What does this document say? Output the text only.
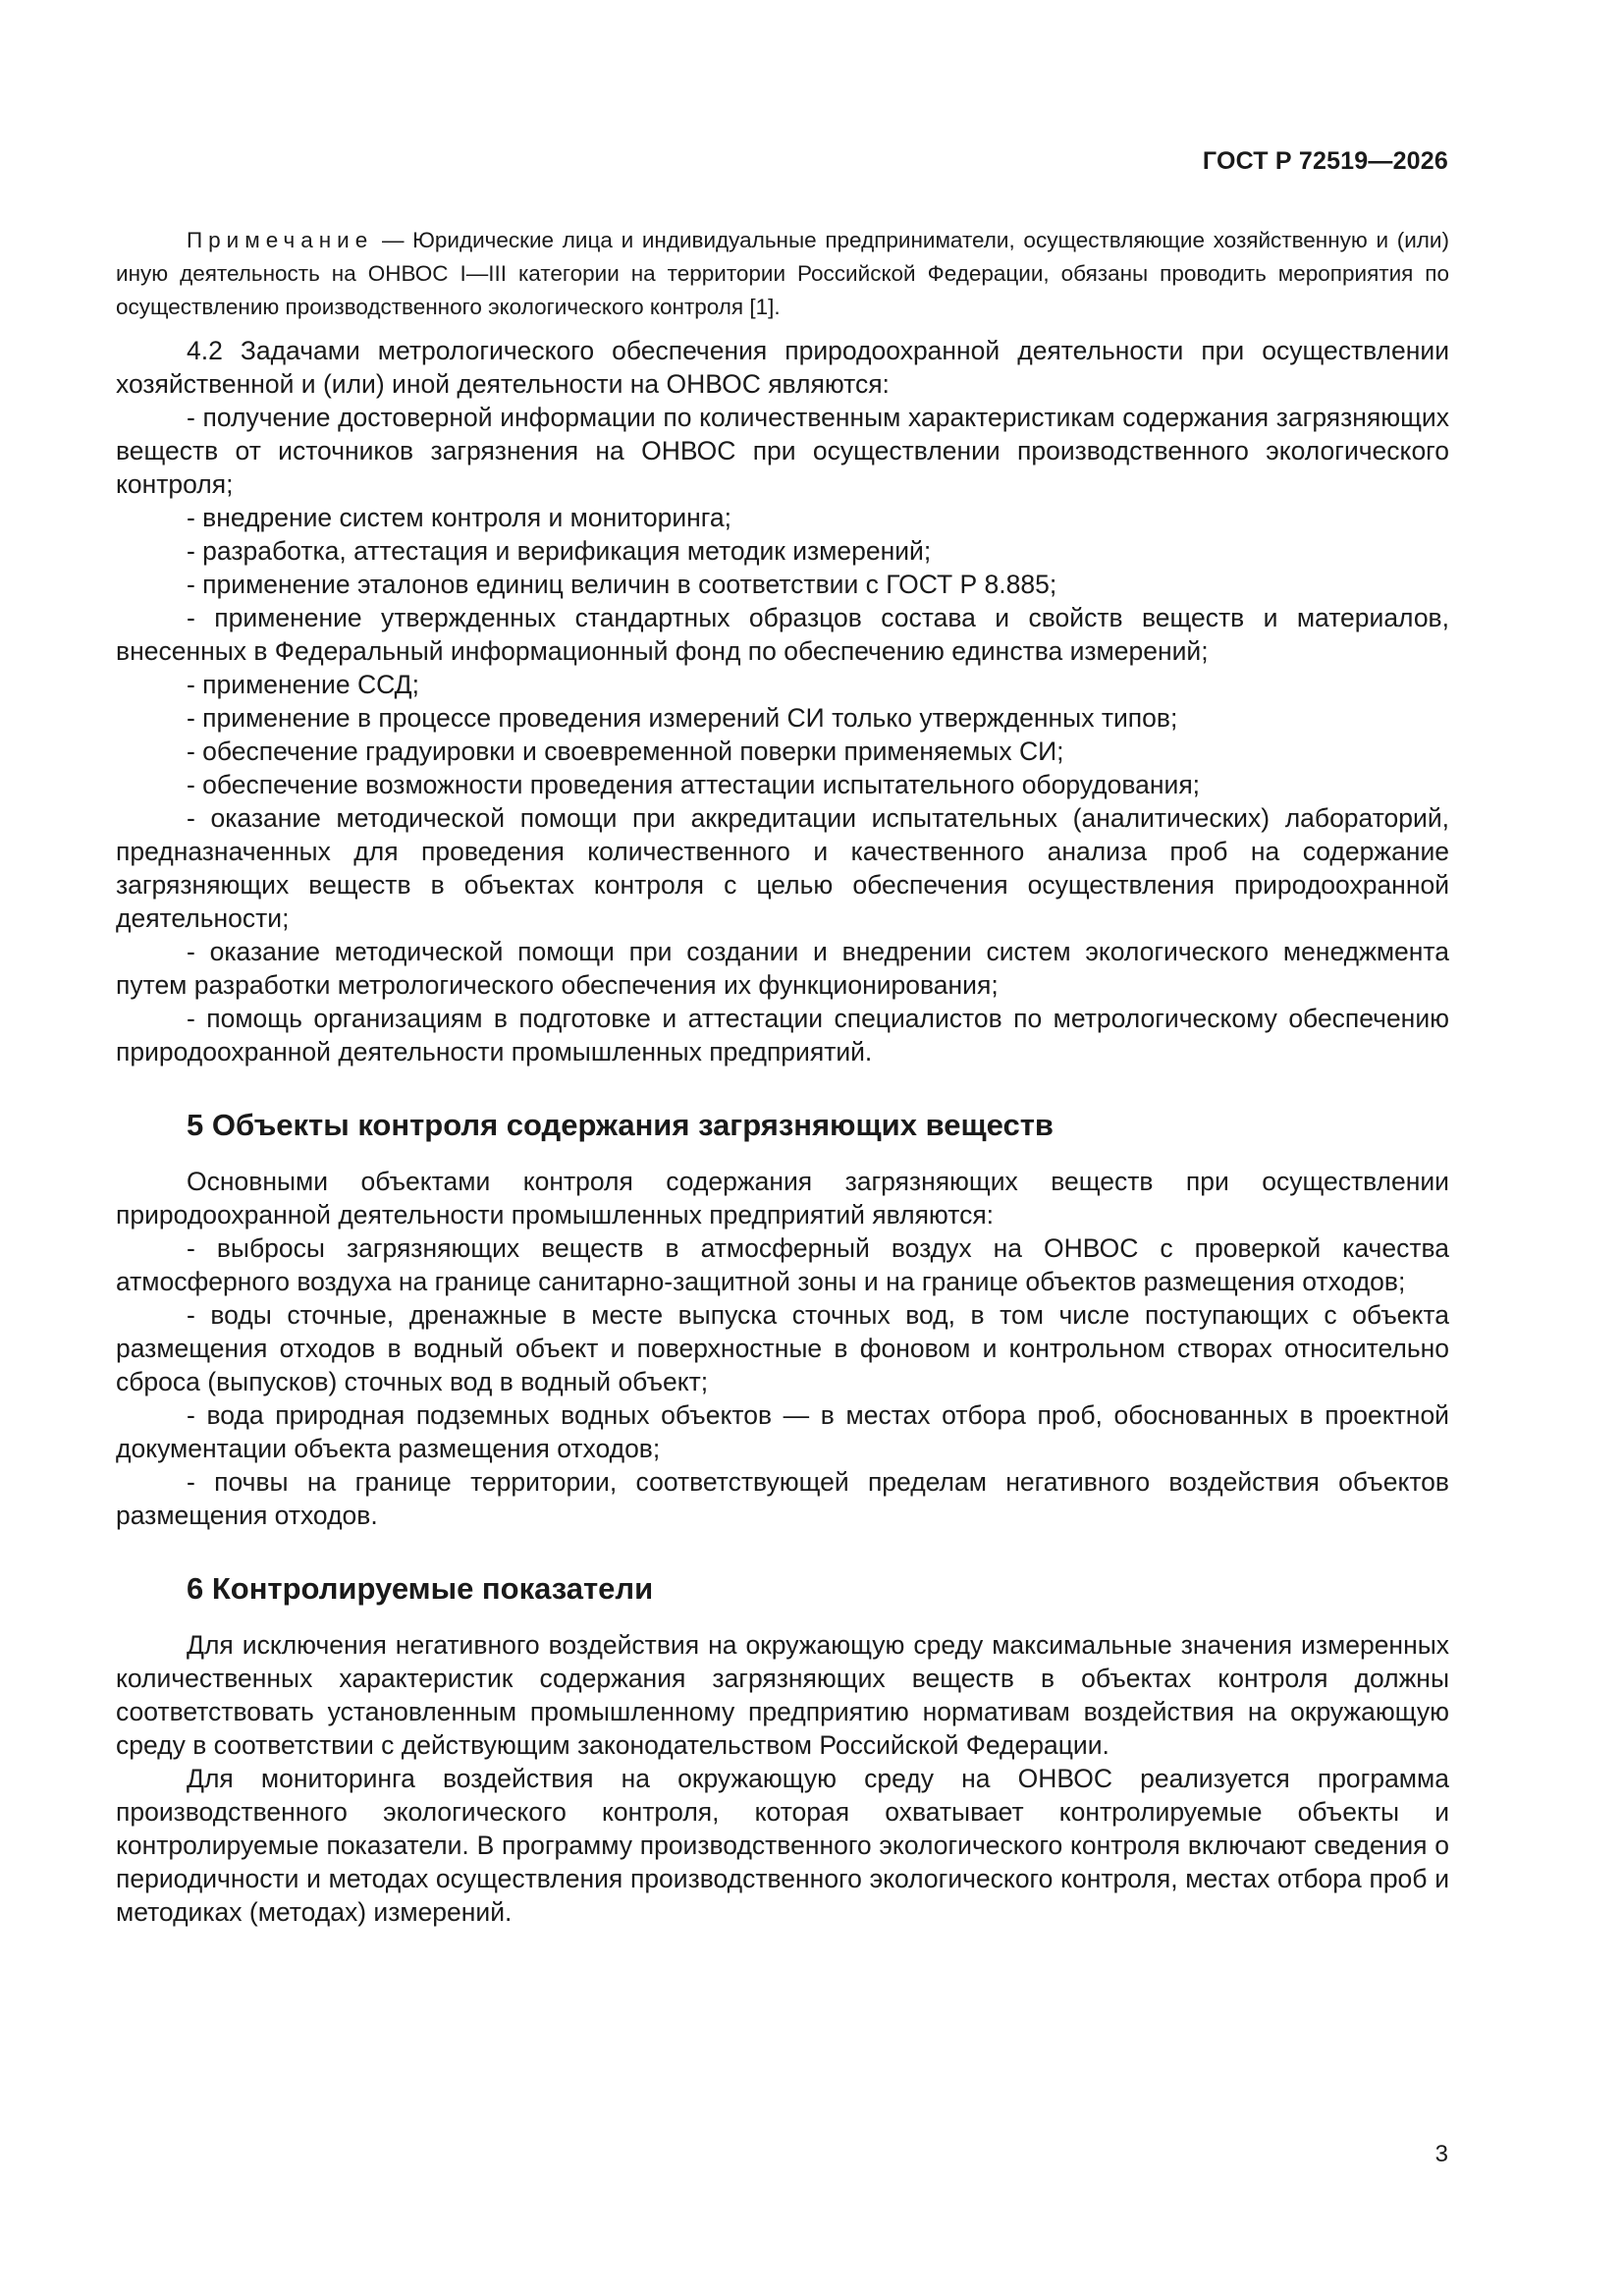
ГОСТ Р 72519—2026

Примечание — Юридические лица и индивидуальные предприниматели, осуществляющие хозяйственную и (или) иную деятельность на ОНВОС I—III категории на территории Российской Федерации, обязаны проводить мероприятия по осуществлению производственного экологического контроля [1].

4.2 Задачами метрологического обеспечения природоохранной деятельности при осуществлении хозяйственной и (или) иной деятельности на ОНВОС являются:

- получение достоверной информации по количественным характеристикам содержания загрязняющих веществ от источников загрязнения на ОНВОС при осуществлении производственного экологического контроля;

- внедрение систем контроля и мониторинга;

- разработка, аттестация и верификация методик измерений;

- применение эталонов единиц величин в соответствии с ГОСТ Р 8.885;

- применение утвержденных стандартных образцов состава и свойств веществ и материалов, внесенных в Федеральный информационный фонд по обеспечению единства измерений;

- применение ССД;

- применение в процессе проведения измерений СИ только утвержденных типов;

- обеспечение градуировки и своевременной поверки применяемых СИ;

- обеспечение возможности проведения аттестации испытательного оборудования;

- оказание методической помощи при аккредитации испытательных (аналитических) лабораторий, предназначенных для проведения количественного и качественного анализа проб на содержание загрязняющих веществ в объектах контроля с целью обеспечения осуществления природоохранной деятельности;

- оказание методической помощи при создании и внедрении систем экологического менеджмента путем разработки метрологического обеспечения их функционирования;

- помощь организациям в подготовке и аттестации специалистов по метрологическому обеспечению природоохранной деятельности промышленных предприятий.

5 Объекты контроля содержания загрязняющих веществ

Основными объектами контроля содержания загрязняющих веществ при осуществлении природоохранной деятельности промышленных предприятий являются:

- выбросы загрязняющих веществ в атмосферный воздух на ОНВОС с проверкой качества атмосферного воздуха на границе санитарно-защитной зоны и на границе объектов размещения отходов;

- воды сточные, дренажные в месте выпуска сточных вод, в том числе поступающих с объекта размещения отходов в водный объект и поверхностные в фоновом и контрольном створах относительно сброса (выпусков) сточных вод в водный объект;

- вода природная подземных водных объектов — в местах отбора проб, обоснованных в проектной документации объекта размещения отходов;

- почвы на границе территории, соответствующей пределам негативного воздействия объектов размещения отходов.

6 Контролируемые показатели

Для исключения негативного воздействия на окружающую среду максимальные значения измеренных количественных характеристик содержания загрязняющих веществ в объектах контроля должны соответствовать установленным промышленному предприятию нормативам воздействия на окружающую среду в соответствии с действующим законодательством Российской Федерации.

Для мониторинга воздействия на окружающую среду на ОНВОС реализуется программа производственного экологического контроля, которая охватывает контролируемые объекты и контролируемые показатели. В программу производственного экологического контроля включают сведения о периодичности и методах осуществления производственного экологического контроля, местах отбора проб и методиках (методах) измерений.

3
